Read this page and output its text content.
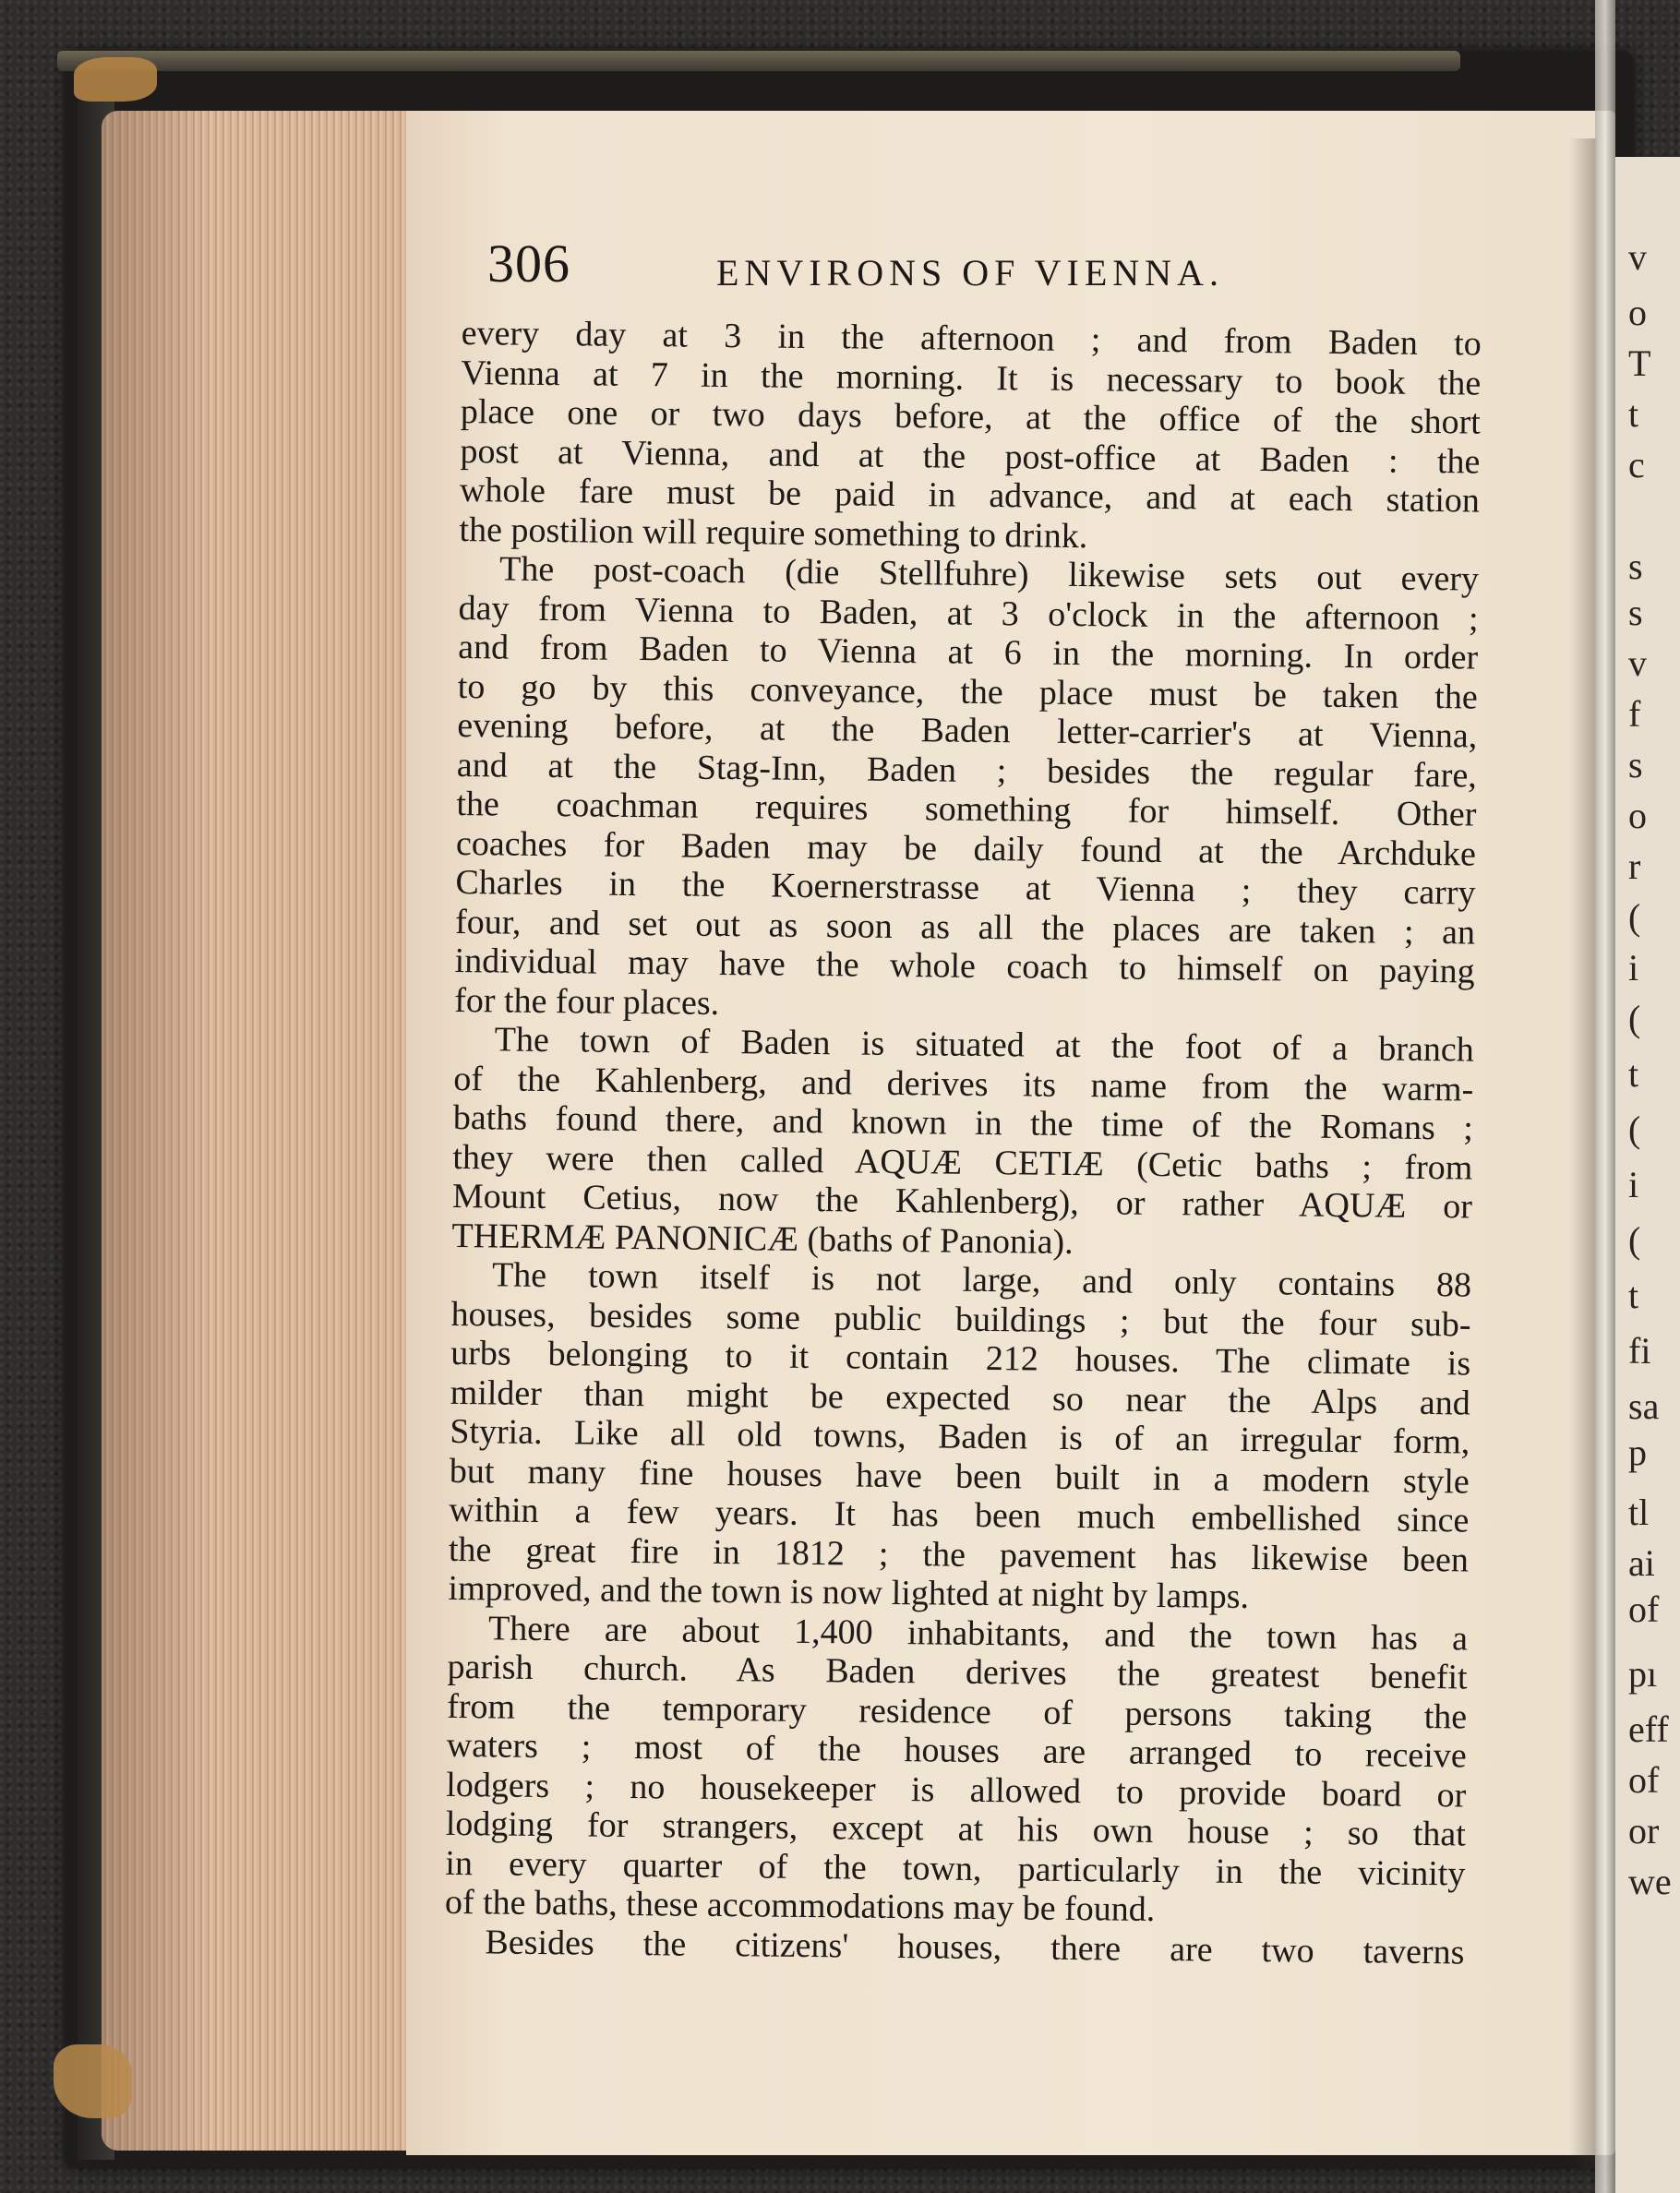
306	ENVIRONS OF VIENNA.

every day at 3 in the afternoon ; and from Baden to
Vienna at 7 in the morning. It is necessary to book the
place one or two days before, at the office of the short
post at Vienna, and at the post-office at Baden : the
whole fare must be paid in advance, and at each station
the postilion will require something to drink.

The post-coach (die Stellfuhre) likewise sets out every
day from Vienna to Baden, at 3 o'clock in the afternoon ;
and from Baden to Vienna at 6 in the morning. In order
to go by this conveyance, the place must be taken the
evening before, at the Baden letter-carrier's at Vienna,
and at the Stag-Inn, Baden ; besides the regular fare,
the coachman requires something for himself. Other
coaches for Baden may be daily found at the Archduke
Charles in the Koernerstrasse at Vienna ; they carry
four, and set out as soon as all the places are taken ; an
individual may have the whole coach to himself on paying
for the four places.

The town of Baden is situated at the foot of a branch
of the Kahlenberg, and derives its name from the warm-
baths found there, and known in the time of the Romans ;
they were then called AQUÆ CETIÆ (Cetic baths ; from
Mount Cetius, now the Kahlenberg), or rather AQUÆ or
THERMÆ PANONICÆ (baths of Panonia).

The town itself is not large, and only contains 88
houses, besides some public buildings ; but the four sub-
urbs belonging to it contain 212 houses. The climate is
milder than might be expected so near the Alps and
Styria. Like all old towns, Baden is of an irregular form,
but many fine houses have been built in a modern style
within a few years. It has been much embellished since
the great fire in 1812 ; the pavement has likewise been
improved, and the town is now lighted at night by lamps.

There are about 1,400 inhabitants, and the town has a
parish church. As Baden derives the greatest benefit
from the temporary residence of persons taking the
waters ; most of the houses are arranged to receive
lodgers ; no housekeeper is allowed to provide board or
lodging for strangers, except at his own house ; so that
in every quarter of the town, particularly in the vicinity
of the baths, these accommodations may be found.

Besides the citizens' houses, there are two taverns

v
o
T
t
c
s
s
v
f
s
o
r
(
i
(
t
(
i
(
t
fi
sa
p
tl
ai
of
pı
eff
of
or
we
